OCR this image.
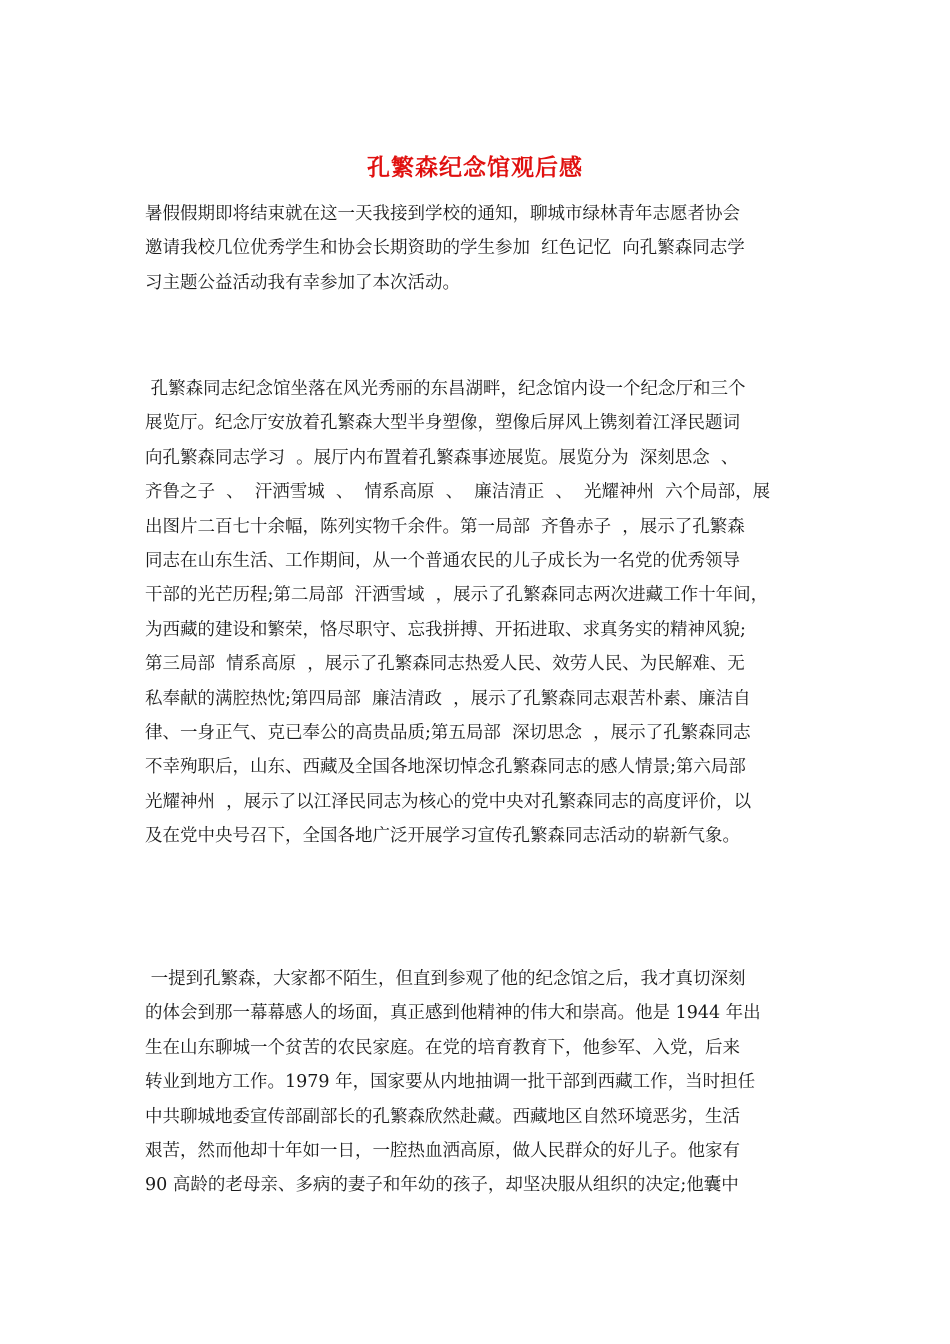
孔繁森纪念馆观后感
暑假假期即将结束就在这一天我接到学校的通知，聊城市绿林青年志愿者协会
邀请我校几位优秀学生和协会长期资助的学生参加  红色记忆  向孔繁森同志学
习主题公益活动我有幸参加了本次活动。
孔繁森同志纪念馆坐落在风光秀丽的东昌湖畔，纪念馆内设一个纪念厅和三个
展览厅。纪念厅安放着孔繁森大型半身塑像，塑像后屏风上镌刻着江泽民题词
向孔繁森同志学习  。展厅内布置着孔繁森事迹展览。展览分为  深刻思念  、
齐鲁之子  、  汗洒雪城  、  情系高原  、  廉洁清正  、  光耀神州  六个局部，展
出图片二百七十余幅，陈列实物千余件。第一局部  齐鲁赤子  ，展示了孔繁森
同志在山东生活、工作期间，从一个普通农民的儿子成长为一名党的优秀领导
干部的光芒历程;第二局部  汗洒雪域  ，展示了孔繁森同志两次进藏工作十年间，
为西藏的建设和繁荣，恪尽职守、忘我拼搏、开拓进取、求真务实的精神风貌;
第三局部  情系高原  ，展示了孔繁森同志热爱人民、效劳人民、为民解难、无
私奉献的满腔热忱;第四局部  廉洁清政  ，展示了孔繁森同志艰苦朴素、廉洁自
律、一身正气、克已奉公的高贵品质;第五局部  深切思念  ，展示了孔繁森同志
不幸殉职后，山东、西藏及全国各地深切悼念孔繁森同志的感人情景;第六局部
光耀神州  ，展示了以江泽民同志为核心的党中央对孔繁森同志的高度评价，以
及在党中央号召下，全国各地广泛开展学习宣传孔繁森同志活动的崭新气象。
一提到孔繁森，大家都不陌生，但直到参观了他的纪念馆之后，我才真切深刻
的体会到那一幕幕感人的场面，真正感到他精神的伟大和崇高。他是 1944 年出
生在山东聊城一个贫苦的农民家庭。在党的培育教育下，他参军、入党，后来
转业到地方工作。1979 年，国家要从内地抽调一批干部到西藏工作，当时担任
中共聊城地委宣传部副部长的孔繁森欣然赴藏。西藏地区自然环境恶劣，生活
艰苦，然而他却十年如一日，一腔热血洒高原，做人民群众的好儿子。他家有
90 高龄的老母亲、多病的妻子和年幼的孩子，却坚决服从组织的决定;他囊中
